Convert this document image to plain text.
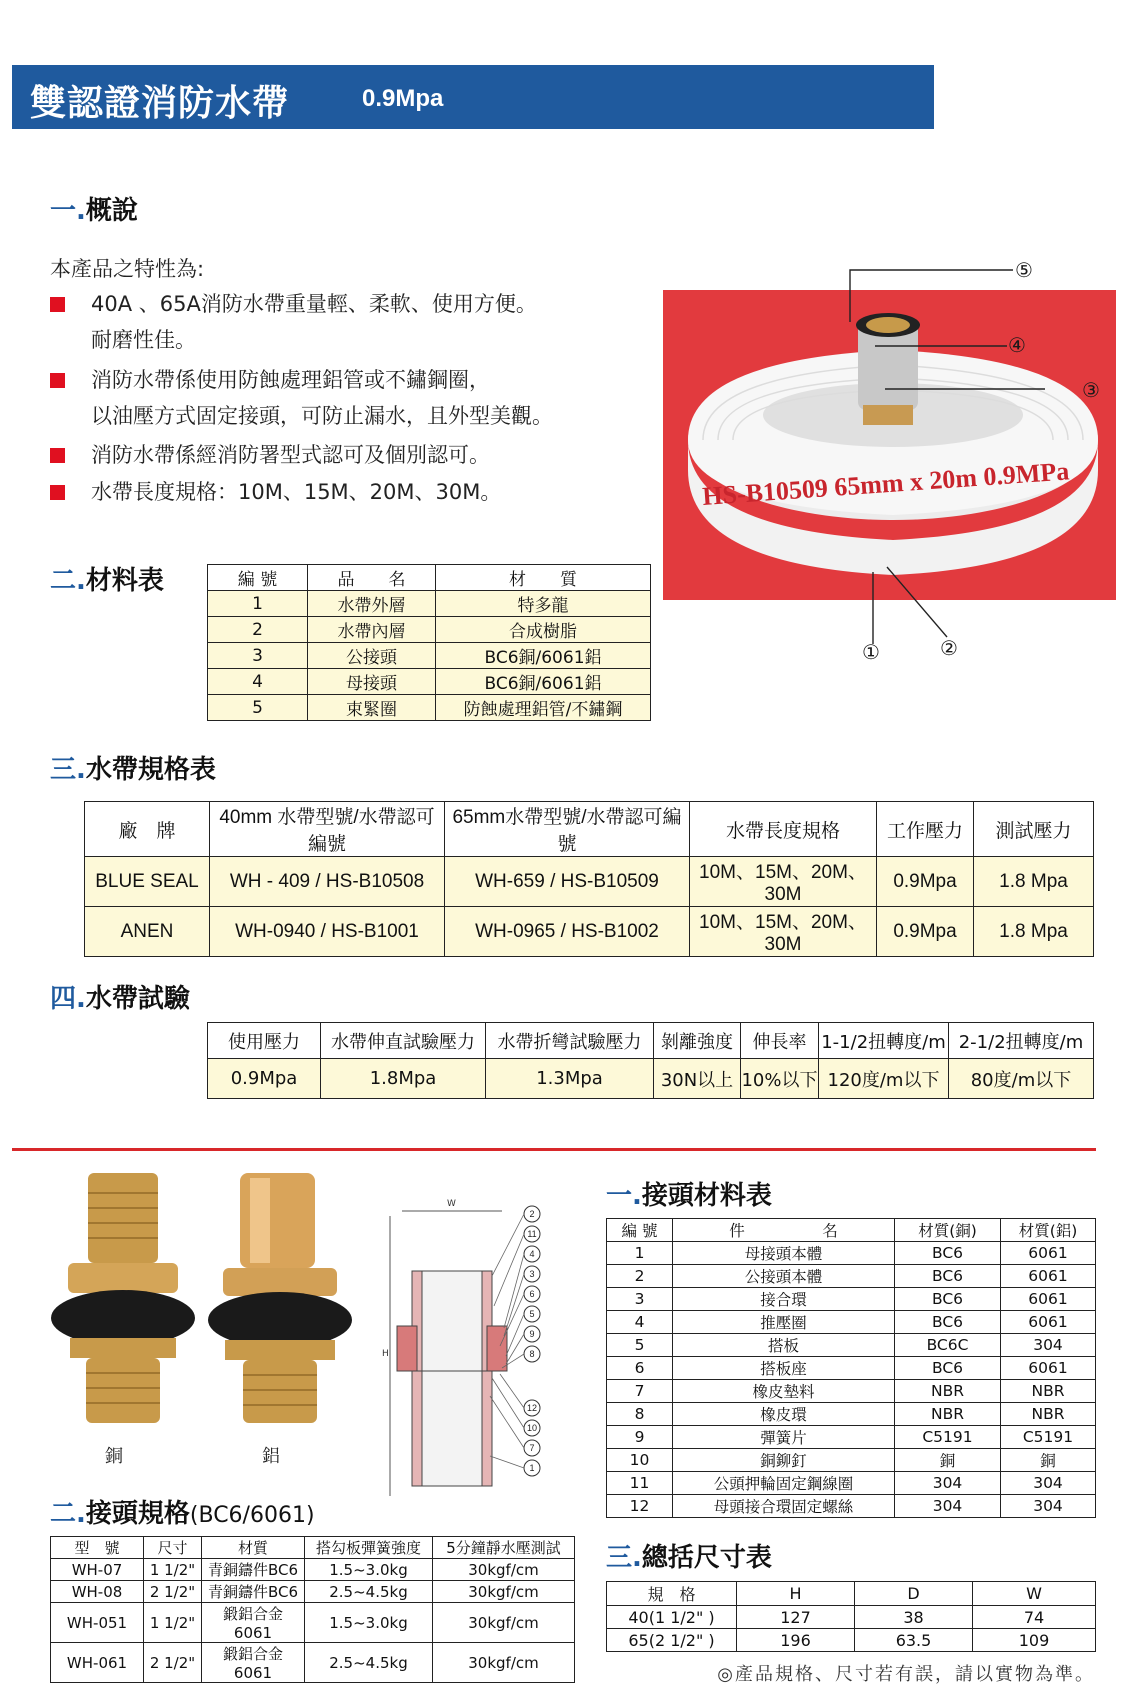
雙認證消防水帶	0.9Mpa
一.概說
本產品之特性為:
40A 、65A消防水帶重量輕、柔軟、使用方便。
耐磨性佳。
消防水帶係使用防蝕處理鋁管或不鏽鋼圈，
以油壓方式固定接頭，可防止漏水，且外型美觀。
消防水帶係經消防署型式認可及個別認可。
水帶長度規格：10M、15M、20M、30M。	HS-B10509 65mm x 20m 0.9MPa
⑤
④
③
①	②
二.材料表	編 號	品　　名	材　　質
1	水帶外層	特多龍
2	水帶內層	合成樹脂
3	公接頭	BC6銅/6061鋁
4	母接頭	BC6銅/6061鋁
5	束緊圈	防蝕處理鋁管/不鏽鋼
三.水帶規格表
廠　牌	40mm 水帶型號/水帶認可編號	65mm水帶型號/水帶認可編號	水帶長度規格	工作壓力	測試壓力
BLUE SEAL	WH - 409 / HS-B10508	WH-659 / HS-B10509	10M、15M、20M、30M	0.9Mpa	1.8 Mpa
ANEN	WH-0940 / HS-B1001	WH-0965 / HS-B1002	10M、15M、20M、30M	0.9Mpa	1.8 Mpa
四.水帶試驗
使用壓力	水帶伸直試驗壓力	水帶折彎試驗壓力	剝離強度	伸長率	1-1/2扭轉度/m	2-1/2扭轉度/m
0.9Mpa	1.8Mpa	1.3Mpa	30N以上	10%以下	120度/m以下	80度/m以下
銅	鋁
W
H
2
11
4
3
6
5
9
8
12
10
7
1
一.接頭材料表
編 號	件　　　　　名	材質(銅)	材質(鋁)
1	母接頭本體	BC6	6061
2	公接頭本體	BC6	6061
3	接合環	BC6	6061
4	推壓圈	BC6	6061
5	搭板	BC6C	304
6	搭板座	BC6	6061
7	橡皮墊料	NBR	NBR
8	橡皮環	NBR	NBR
9	彈簧片	C5191	C5191
10	銅鉚釘	銅	銅
11	公頭押輪固定鋼線圈	304	304
12	母頭接合環固定螺絲	304	304
二.接頭規格(BC6/6061)
型　號	尺寸	材質	搭勾板彈簧強度	5分鐘靜水壓測試
WH-07	1 1/2"	青銅鑄件BC6	1.5~3.0kg	30kgf/cm
WH-08	2 1/2"	青銅鑄件BC6	2.5~4.5kg	30kgf/cm
WH-051	1 1/2"	鍛鋁合金6061	1.5~3.0kg	30kgf/cm
WH-061	2 1/2"	鍛鋁合金6061	2.5~4.5kg	30kgf/cm
三.總括尺寸表
規　格	H	D	W
40(1 1/2" )	127	38	74
65(2 1/2" )	196	63.5	109
◎產品規格、尺寸若有誤，請以實物為準。
